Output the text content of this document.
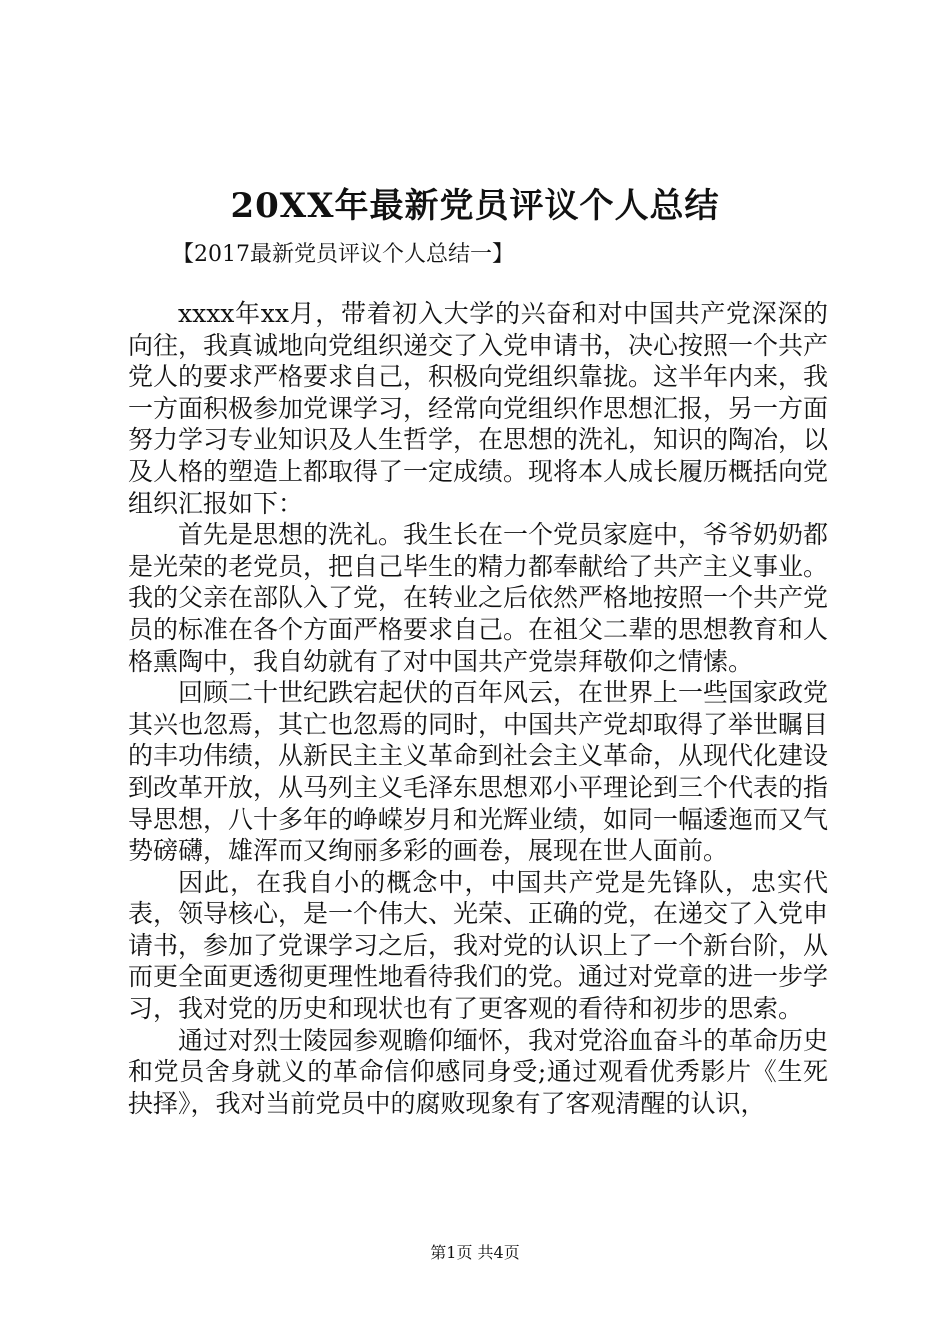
20XX年最新党员评议个人总结
【2017最新党员评议个人总结一】

xxxx年xx月，带着初入大学的兴奋和对中国共产党深深的向往，我真诚地向党组织递交了入党申请书，决心按照一个共产党人的要求严格要求自己，积极向党组织靠拢。这半年内来，我一方面积极参加党课学习，经常向党组织作思想汇报，另一方面努力学习专业知识及人生哲学，在思想的洗礼，知识的陶冶，以及人格的塑造上都取得了一定成绩。现将本人成长履历概括向党组织汇报如下：

首先是思想的洗礼。我生长在一个党员家庭中，爷爷奶奶都是光荣的老党员，把自己毕生的精力都奉献给了共产主义事业。我的父亲在部队入了党，在转业之后依然严格地按照一个共产党员的标准在各个方面严格要求自己。在祖父二辈的思想教育和人格熏陶中，我自幼就有了对中国共产党崇拜敬仰之情愫。

回顾二十世纪跌宕起伏的百年风云，在世界上一些国家政党其兴也忽焉，其亡也忽焉的同时，中国共产党却取得了举世瞩目的丰功伟绩，从新民主主义革命到社会主义革命，从现代化建设到改革开放，从马列主义毛泽东思想邓小平理论到三个代表的指导思想，八十多年的峥嵘岁月和光辉业绩，如同一幅逶迤而又气势磅礴，雄浑而又绚丽多彩的画卷，展现在世人面前。

因此，在我自小的概念中，中国共产党是先锋队，忠实代表，领导核心，是一个伟大、光荣、正确的党，在递交了入党申请书，参加了党课学习之后，我对党的认识上了一个新台阶，从而更全面更透彻更理性地看待我们的党。通过对党章的进一步学习，我对党的历史和现状也有了更客观的看待和初步的思索。

通过对烈士陵园参观瞻仰缅怀，我对党浴血奋斗的革命历史和党员舍身就义的革命信仰感同身受;通过观看优秀影片《生死抉择》，我对当前党员中的腐败现象有了客观清醒的认识，

第1页 共4页
